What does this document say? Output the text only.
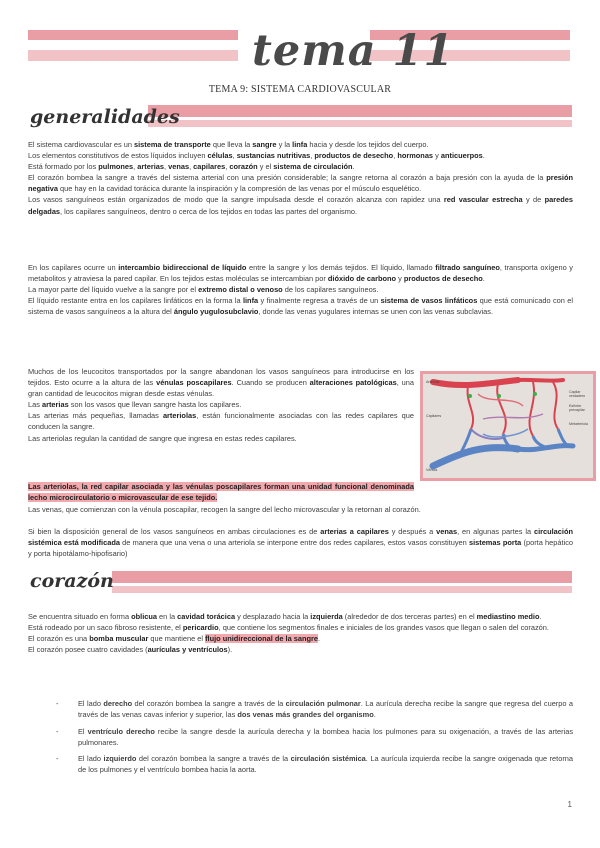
tema 11
TEMA 9: SISTEMA CARDIOVASCULAR
generalidades

El sistema cardiovascular es un sistema de transporte que lleva la sangre y la linfa hacia y desde los tejidos del cuerpo.

Los elementos constitutivos de estos líquidos incluyen células, sustancias nutritivas, productos de desecho, hormonas y anticuerpos.

Está formado por los pulmones, arterias, venas, capilares, corazón y el sistema de circulación.

El corazón bombea la sangre a través del sistema arterial con una presión considerable; la sangre retorna al corazón a baja presión con la ayuda de la presión negativa que hay en la cavidad torácica durante la inspiración y la compresión de las venas por el músculo esquelético.

Los vasos sanguíneos están organizados de modo que la sangre impulsada desde el corazón alcanza con rapidez una red vascular estrecha y de paredes delgadas, los capilares sanguíneos, dentro o cerca de los tejidos en todas las partes del organismo.

En los capilares ocurre un intercambio bidireccional de líquido entre la sangre y los demás tejidos. El líquido, llamado filtrado sanguíneo, transporta oxígeno y metabolitos y atraviesa la pared capilar. En los tejidos estas moléculas se intercambian por dióxido de carbono y productos de desecho.

La mayor parte del líquido vuelve a la sangre por el extremo distal o venoso de los capilares sanguíneos.

El líquido restante entra en los capilares linfáticos en la forma la linfa y finalmente regresa a través de un sistema de vasos linfáticos que está comunicado con el sistema de vasos sanguíneos a la altura del ángulo yugulosubclavio, donde las venas yugulares internas se unen con las venas subclavias.

Muchos de los leucocitos transportados por la sangre abandonan los vasos sanguíneos para introducirse en los tejidos. Esto ocurre a la altura de las vénulas poscapilares. Cuando se producen alteraciones patológicas, una gran cantidad de leucocitos migran desde estas vénulas.

Las arterias son los vasos que llevan sangre hasta los capilares.

Las arterias más pequeñas, llamadas arteriolas, están funcionalmente asociadas con las redes capilares que conducen la sangre.

Las arteriolas regulan la cantidad de sangre que ingresa en estas redes capilares.

Las arteriolas, la red capilar asociada y las vénulas poscapilares forman una unidad funcional denominada lecho microcirculatorio o microvascular de ese tejido.

Las venas, que comienzan con la vénula poscapilar, recogen la sangre del lecho microvascular y la retornan al corazón.

Si bien la disposición general de los vasos sanguíneos en ambas circulaciones es de arterias a capilares y después a venas, en algunas partes la circulación sistémica está modificada de manera que una vena o una arteriola se interpone entre dos redes capilares, estos vasos constituyen sistemas porta (porta hepático y porta hipotálamo-hipofisario)

Arteriola
Capilares
Vénula
Capilar verdadero
Esfínter precapilar
Metarteriola
corazón

Se encuentra situado en forma oblicua en la cavidad torácica y desplazado hacia la izquierda (alrededor de dos terceras partes) en el mediastino medio.

Está rodeado por un saco fibroso resistente, el pericardio, que contiene los segmentos finales e iniciales de los grandes vasos que llegan o salen del corazón.

El corazón es una bomba muscular que mantiene el flujo unidireccional de la sangre.

El corazón posee cuatro cavidades (aurículas y ventrículos).

-	El lado derecho del corazón bombea la sangre a través de la circulación pulmonar. La aurícula derecha recibe la sangre que regresa del cuerpo a través de las venas cavas inferior y superior, las dos venas más grandes del organismo.

-	El ventrículo derecho recibe la sangre desde la aurícula derecha y la bombea hacia los pulmones para su oxigenación, a través de las arterias pulmonares.

-	El lado izquierdo del corazón bombea la sangre a través de la circulación sistémica. La aurícula izquierda recibe la sangre oxigenada que retorna de los pulmones y el ventrículo bombea hacia la aorta.

1
